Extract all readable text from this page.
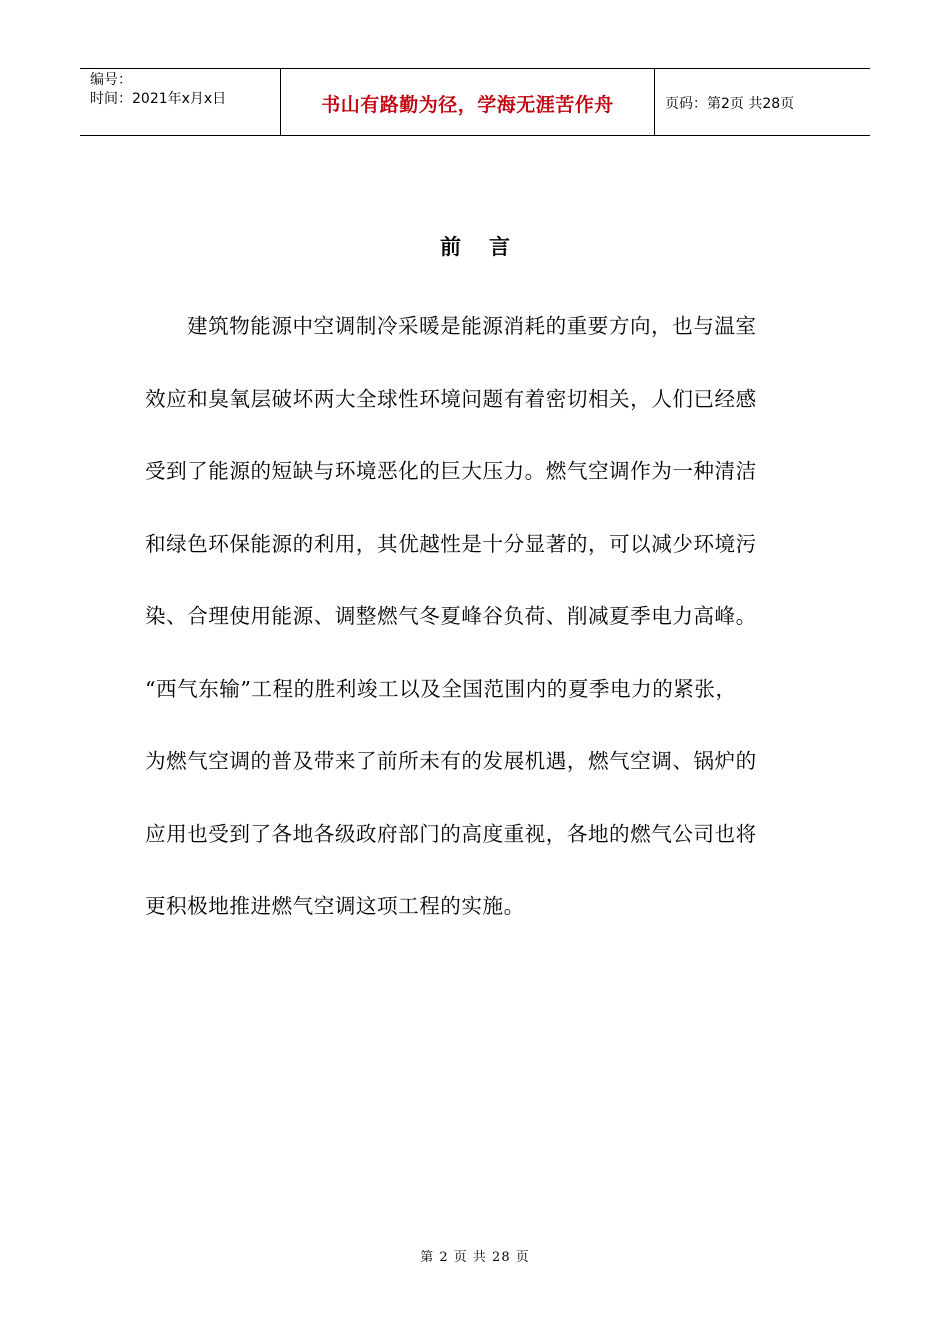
编号：
时间：2021年x月x日	书山有路勤为径，学海无涯苦作舟	页码：第2页 共28页
前言
建筑物能源中空调制冷采暖是能源消耗的重要方向，也与温室
效应和臭氧层破坏两大全球性环境问题有着密切相关，人们已经感
受到了能源的短缺与环境恶化的巨大压力。燃气空调作为一种清洁
和绿色环保能源的利用，其优越性是十分显著的，可以减少环境污
染、合理使用能源、调整燃气冬夏峰谷负荷、削减夏季电力高峰。
“西气东输”工程的胜利竣工以及全国范围内的夏季电力的紧张，
为燃气空调的普及带来了前所未有的发展机遇，燃气空调、锅炉的
应用也受到了各地各级政府部门的高度重视，各地的燃气公司也将
更积极地推进燃气空调这项工程的实施。
第 2 页 共 28 页
